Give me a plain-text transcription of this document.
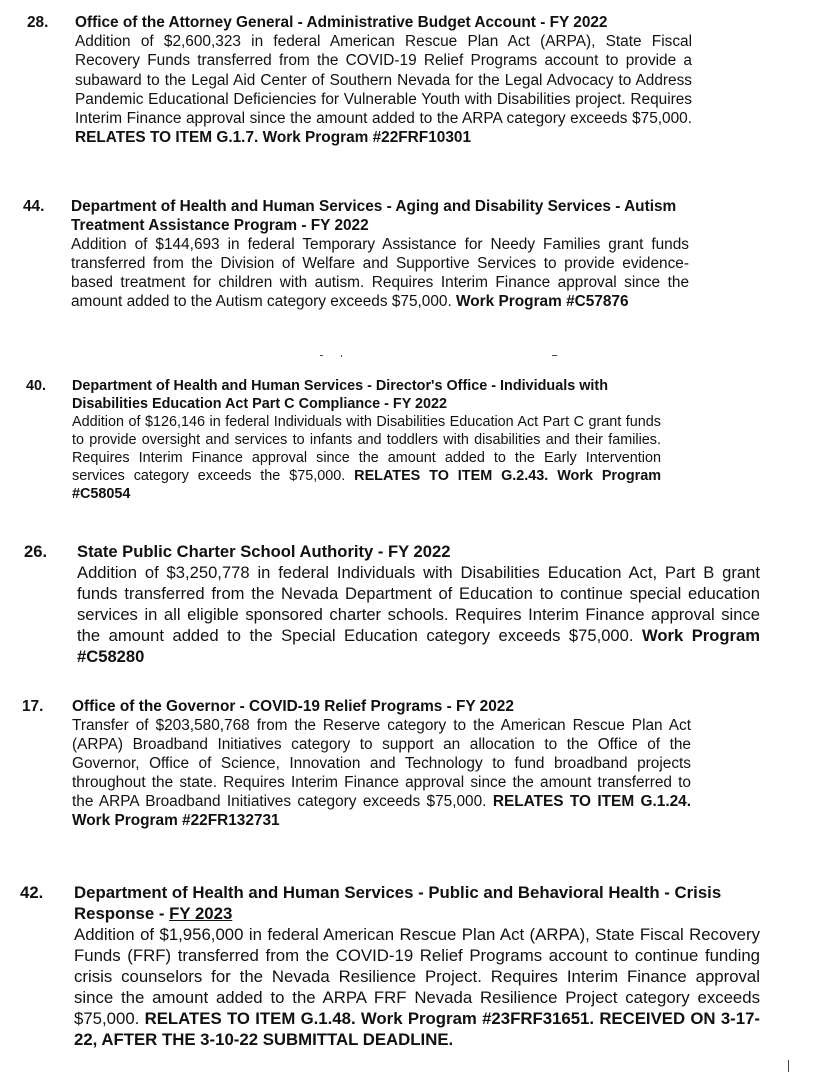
28. Office of the Attorney General - Administrative Budget Account - FY 2022
Addition of $2,600,323 in federal American Rescue Plan Act (ARPA), State Fiscal Recovery Funds transferred from the COVID-19 Relief Programs account to provide a subaward to the Legal Aid Center of Southern Nevada for the Legal Advocacy to Address Pandemic Educational Deficiencies for Vulnerable Youth with Disabilities project. Requires Interim Finance approval since the amount added to the ARPA category exceeds $75,000. RELATES TO ITEM G.1.7. Work Program #22FRF10301
44. Department of Health and Human Services - Aging and Disability Services - Autism Treatment Assistance Program - FY 2022
Addition of $144,693 in federal Temporary Assistance for Needy Families grant funds transferred from the Division of Welfare and Supportive Services to provide evidence-based treatment for children with autism. Requires Interim Finance approval since the amount added to the Autism category exceeds $75,000. Work Program #C57876
40. Department of Health and Human Services - Director's Office - Individuals with Disabilities Education Act Part C Compliance - FY 2022
Addition of $126,146 in federal Individuals with Disabilities Education Act Part C grant funds to provide oversight and services to infants and toddlers with disabilities and their families. Requires Interim Finance approval since the amount added to the Early Intervention services category exceeds the $75,000. RELATES TO ITEM G.2.43. Work Program #C58054
26. State Public Charter School Authority - FY 2022
Addition of $3,250,778 in federal Individuals with Disabilities Education Act, Part B grant funds transferred from the Nevada Department of Education to continue special education services in all eligible sponsored charter schools. Requires Interim Finance approval since the amount added to the Special Education category exceeds $75,000. Work Program #C58280
17. Office of the Governor - COVID-19 Relief Programs - FY 2022
Transfer of $203,580,768 from the Reserve category to the American Rescue Plan Act (ARPA) Broadband Initiatives category to support an allocation to the Office of the Governor, Office of Science, Innovation and Technology to fund broadband projects throughout the state. Requires Interim Finance approval since the amount transferred to the ARPA Broadband Initiatives category exceeds $75,000. RELATES TO ITEM G.1.24. Work Program #22FR132731
42. Department of Health and Human Services - Public and Behavioral Health - Crisis Response - FY 2023
Addition of $1,956,000 in federal American Rescue Plan Act (ARPA), State Fiscal Recovery Funds (FRF) transferred from the COVID-19 Relief Programs account to continue funding crisis counselors for the Nevada Resilience Project. Requires Interim Finance approval since the amount added to the ARPA FRF Nevada Resilience Project category exceeds $75,000. RELATES TO ITEM G.1.48. Work Program #23FRF31651. RECEIVED ON 3-17-22, AFTER THE 3-10-22 SUBMITTAL DEADLINE.
